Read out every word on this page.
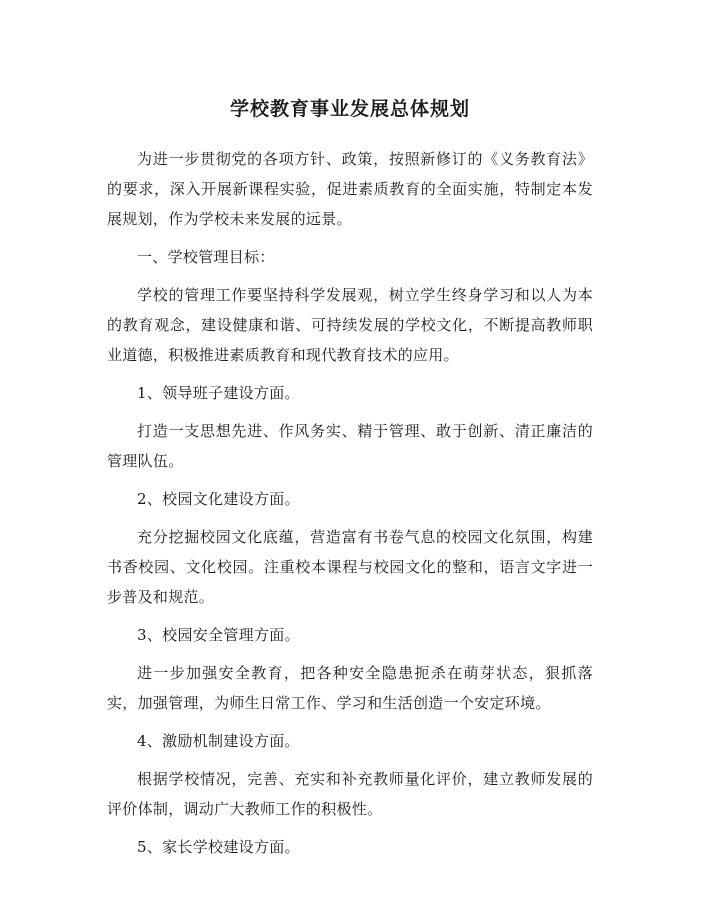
学校教育事业发展总体规划

为进一步贯彻党的各项方针、政策，按照新修订的《义务教育法》的要求，深入开展新课程实验，促进素质教育的全面实施，特制定本发展规划，作为学校未来发展的远景。

一、学校管理目标：

学校的管理工作要坚持科学发展观，树立学生终身学习和以人为本的教育观念，建设健康和谐、可持续发展的学校文化，不断提高教师职业道德，积极推进素质教育和现代教育技术的应用。

1、领导班子建设方面。

打造一支思想先进、作风务实、精于管理、敢于创新、清正廉洁的管理队伍。

2、校园文化建设方面。

充分挖掘校园文化底蕴，营造富有书卷气息的校园文化氛围，构建书香校园、文化校园。注重校本课程与校园文化的整和，语言文字进一步普及和规范。

3、校园安全管理方面。

进一步加强安全教育，把各种安全隐患扼杀在萌芽状态，狠抓落实，加强管理，为师生日常工作、学习和生活创造一个安定环境。

4、激励机制建设方面。

根据学校情况，完善、充实和补充教师量化评价，建立教师发展的评价体制，调动广大教师工作的积极性。

5、家长学校建设方面。
